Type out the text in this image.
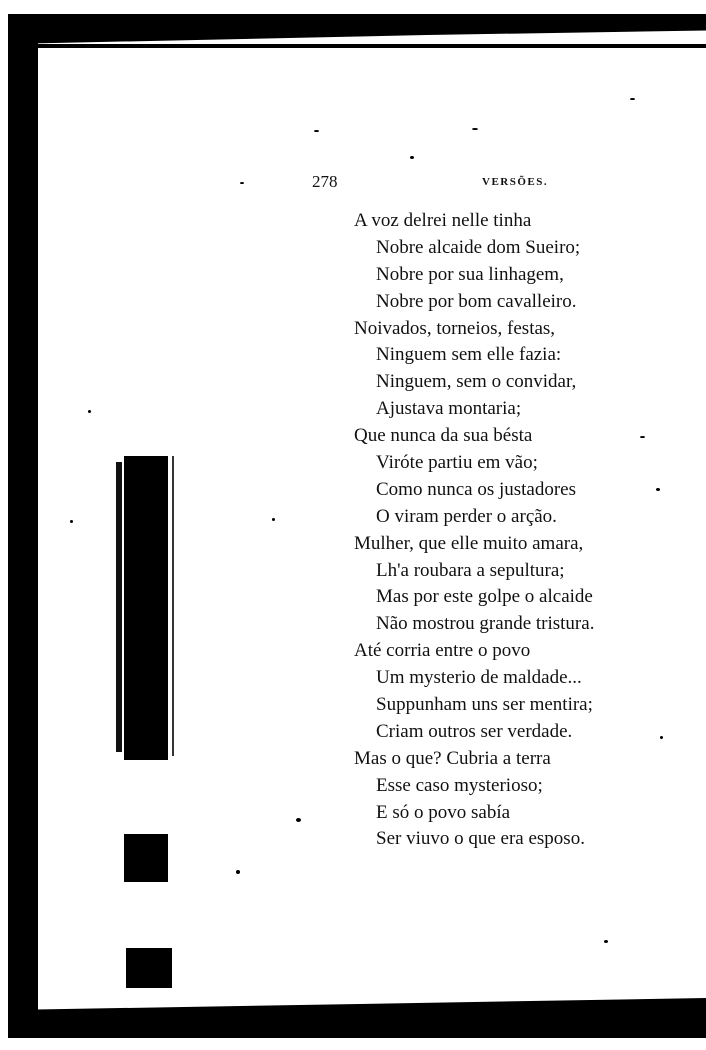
278	VERSÕES.
A voz delrei nelle tinha
Nobre alcaide dom Sueiro;
Nobre por sua linhagem,
Nobre por bom cavalleiro.
Noivados, torneios, festas,
Ninguem sem elle fazia:
Ninguem, sem o convidar,
Ajustava montaria;
Que nunca da sua bésta
Viróte partiu em vão;
Como nunca os justadores
O viram perder o arção.
Mulher, que elle muito amara,
Lh'a roubara a sepultura;
Mas por este golpe o alcaide
Não mostrou grande tristura.
Até corria entre o povo
Um mysterio de maldade...
Suppunham uns ser mentira;
Criam outros ser verdade.
Mas o que? Cubria a terra
Esse caso mysterioso;
E só o povo sabía
Ser viuvo o que era esposo.
